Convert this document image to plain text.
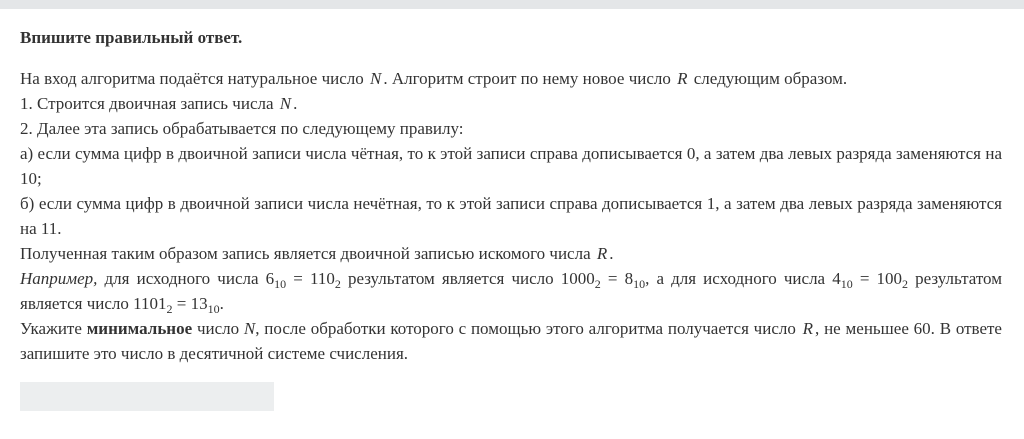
Впишите правильный ответ.

На вход алгоритма подаётся натуральное число N . Алгоритм строит по нему новое число R следующим образом.

1. Строится двоичная запись числа N .

2. Далее эта запись обрабатывается по следующему правилу:

а) если сумма цифр в двоичной записи числа чётная, то к этой записи справа дописывается 0, а затем два левых разряда заменяются на 10;

б) если сумма цифр в двоичной записи числа нечётная, то к этой записи справа дописывается 1, а затем два левых разряда заменяются на 11.

Полученная таким образом запись является двоичной записью искомого числа R .

Например, для исходного числа $6_{10} = 110_2$ результатом является число $1000_2 = 8_{10}$, а для исходного числа $4_{10} = 100_2$ результатом является число $1101_2 = 13_{10}$.

Укажите минимальное число N, после обработки которого с помощью этого алгоритма получается число R , не меньшее 60. В ответе запишите это число в десятичной системе счисления.
